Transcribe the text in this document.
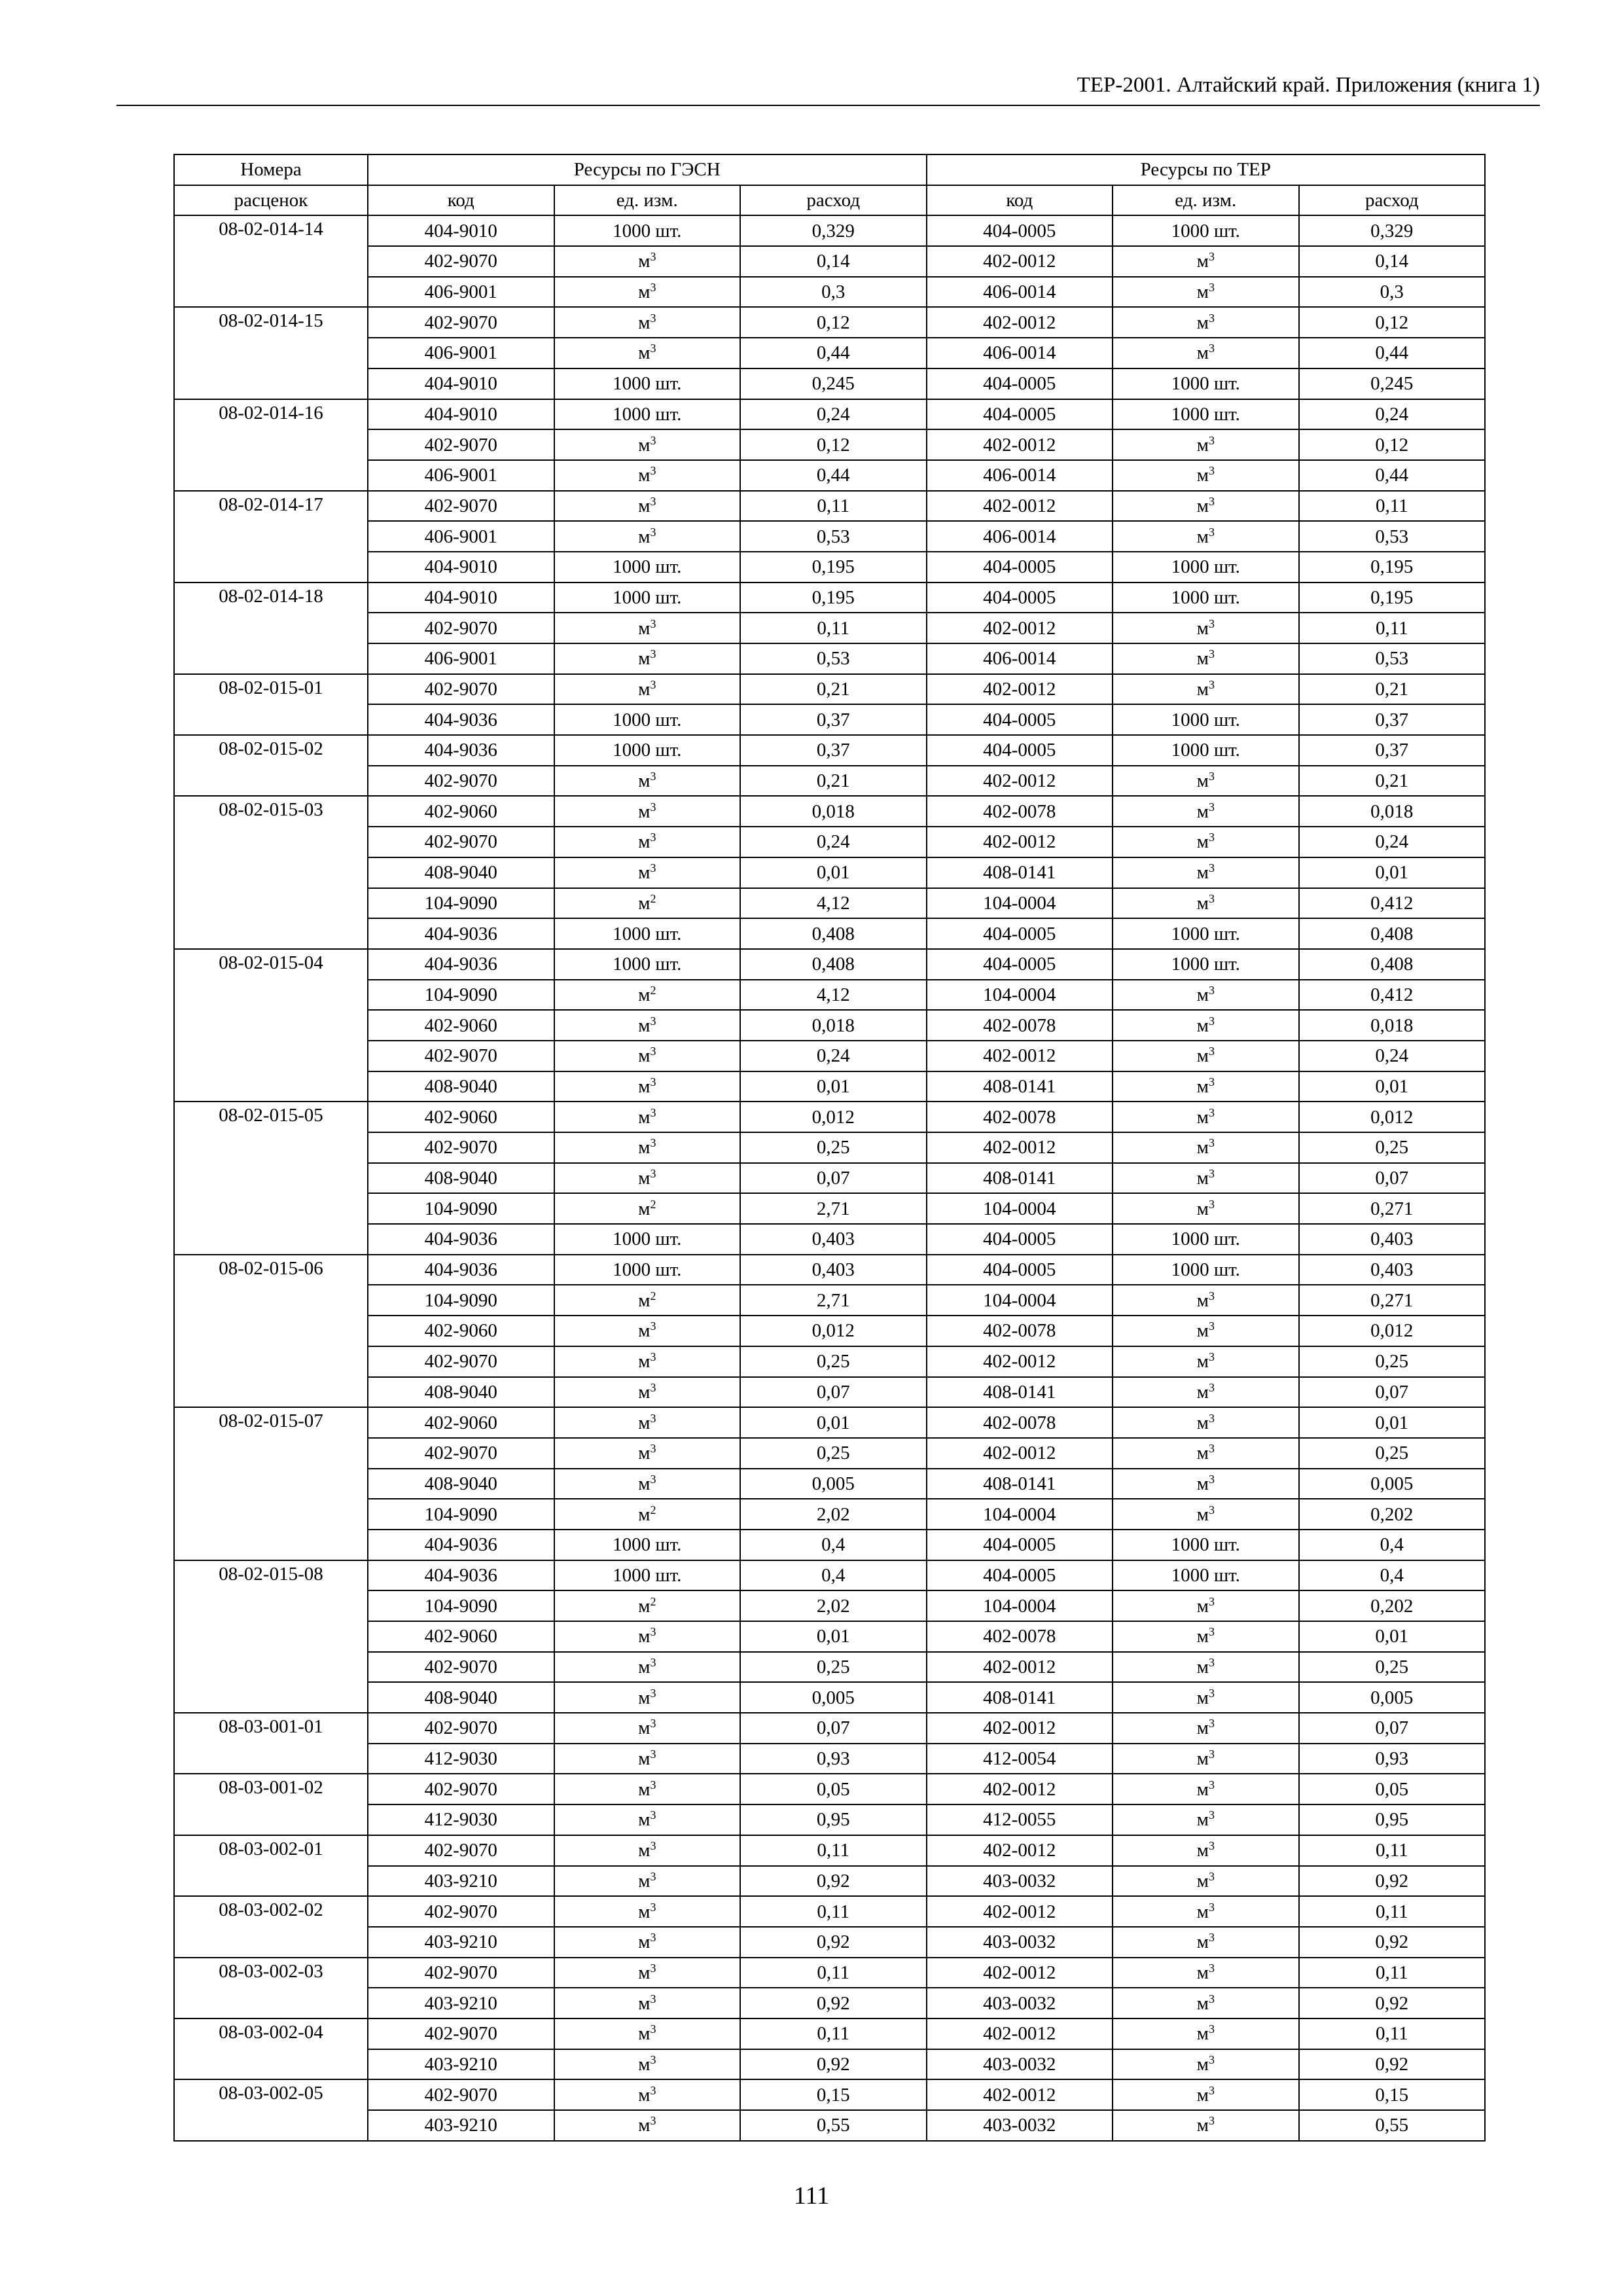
ТЕР-2001. Алтайский край. Приложения (книга 1)
Номера	Ресурсы по ГЭСН			Ресурсы по ТЕР		
расценок	код	ед. изм.	расход	код	ед. изм.	расход

08-02-014-14	404-9010	1000 шт.	0,329	404-0005	1000 шт.	0,329
	402-9070	$м^3$	0,14	402-0012	$м^3$	0,14
	406-9001	$м^3$	0,3	406-0014	$м^3$	0,3

08-02-014-15	402-9070	$м^3$	0,12	402-0012	$м^3$	0,12
	406-9001	$м^3$	0,44	406-0014	$м^3$	0,44
	404-9010	1000 шт.	0,245	404-0005	1000 шт.	0,245

08-02-014-16	404-9010	1000 шт.	0,24	404-0005	1000 шт.	0,24
	402-9070	$м^3$	0,12	402-0012	$м^3$	0,12
	406-9001	$м^3$	0,44	406-0014	$м^3$	0,44

08-02-014-17	402-9070	$м^3$	0,11	402-0012	$м^3$	0,11
	406-9001	$м^3$	0,53	406-0014	$м^3$	0,53
	404-9010	1000 шт.	0,195	404-0005	1000 шт.	0,195

08-02-014-18	404-9010	1000 шт.	0,195	404-0005	1000 шт.	0,195
	402-9070	$м^3$	0,11	402-0012	$м^3$	0,11
	406-9001	$м^3$	0,53	406-0014	$м^3$	0,53

08-02-015-01	402-9070	$м^3$	0,21	402-0012	$м^3$	0,21
	404-9036	1000 шт.	0,37	404-0005	1000 шт.	0,37

08-02-015-02	404-9036	1000 шт.	0,37	404-0005	1000 шт.	0,37
	402-9070	$м^3$	0,21	402-0012	$м^3$	0,21

08-02-015-03	402-9060	$м^3$	0,018	402-0078	$м^3$	0,018
	402-9070	$м^3$	0,24	402-0012	$м^3$	0,24
	408-9040	$м^3$	0,01	408-0141	$м^3$	0,01
	104-9090	$м^2$	4,12	104-0004	$м^3$	0,412
	404-9036	1000 шт.	0,408	404-0005	1000 шт.	0,408

08-02-015-04	404-9036	1000 шт.	0,408	404-0005	1000 шт.	0,408
	104-9090	$м^2$	4,12	104-0004	$м^3$	0,412
	402-9060	$м^3$	0,018	402-0078	$м^3$	0,018
	402-9070	$м^3$	0,24	402-0012	$м^3$	0,24
	408-9040	$м^3$	0,01	408-0141	$м^3$	0,01

08-02-015-05	402-9060	$м^3$	0,012	402-0078	$м^3$	0,012
	402-9070	$м^3$	0,25	402-0012	$м^3$	0,25
	408-9040	$м^3$	0,07	408-0141	$м^3$	0,07
	104-9090	$м^2$	2,71	104-0004	$м^3$	0,271
	404-9036	1000 шт.	0,403	404-0005	1000 шт.	0,403

08-02-015-06	404-9036	1000 шт.	0,403	404-0005	1000 шт.	0,403
	104-9090	$м^2$	2,71	104-0004	$м^3$	0,271
	402-9060	$м^3$	0,012	402-0078	$м^3$	0,012
	402-9070	$м^3$	0,25	402-0012	$м^3$	0,25
	408-9040	$м^3$	0,07	408-0141	$м^3$	0,07

08-02-015-07	402-9060	$м^3$	0,01	402-0078	$м^3$	0,01
	402-9070	$м^3$	0,25	402-0012	$м^3$	0,25
	408-9040	$м^3$	0,005	408-0141	$м^3$	0,005
	104-9090	$м^2$	2,02	104-0004	$м^3$	0,202
	404-9036	1000 шт.	0,4	404-0005	1000 шт.	0,4

08-02-015-08	404-9036	1000 шт.	0,4	404-0005	1000 шт.	0,4
	104-9090	$м^2$	2,02	104-0004	$м^3$	0,202
	402-9060	$м^3$	0,01	402-0078	$м^3$	0,01
	402-9070	$м^3$	0,25	402-0012	$м^3$	0,25
	408-9040	$м^3$	0,005	408-0141	$м^3$	0,005

08-03-001-01	402-9070	$м^3$	0,07	402-0012	$м^3$	0,07
	412-9030	$м^3$	0,93	412-0054	$м^3$	0,93

08-03-001-02	402-9070	$м^3$	0,05	402-0012	$м^3$	0,05
	412-9030	$м^3$	0,95	412-0055	$м^3$	0,95

08-03-002-01	402-9070	$м^3$	0,11	402-0012	$м^3$	0,11
	403-9210	$м^3$	0,92	403-0032	$м^3$	0,92

08-03-002-02	402-9070	$м^3$	0,11	402-0012	$м^3$	0,11
	403-9210	$м^3$	0,92	403-0032	$м^3$	0,92

08-03-002-03	402-9070	$м^3$	0,11	402-0012	$м^3$	0,11
	403-9210	$м^3$	0,92	403-0032	$м^3$	0,92

08-03-002-04	402-9070	$м^3$	0,11	402-0012	$м^3$	0,11
	403-9210	$м^3$	0,92	403-0032	$м^3$	0,92

08-03-002-05	402-9070	$м^3$	0,15	402-0012	$м^3$	0,15
	403-9210	$м^3$	0,55	403-0032	$м^3$	0,55
111
